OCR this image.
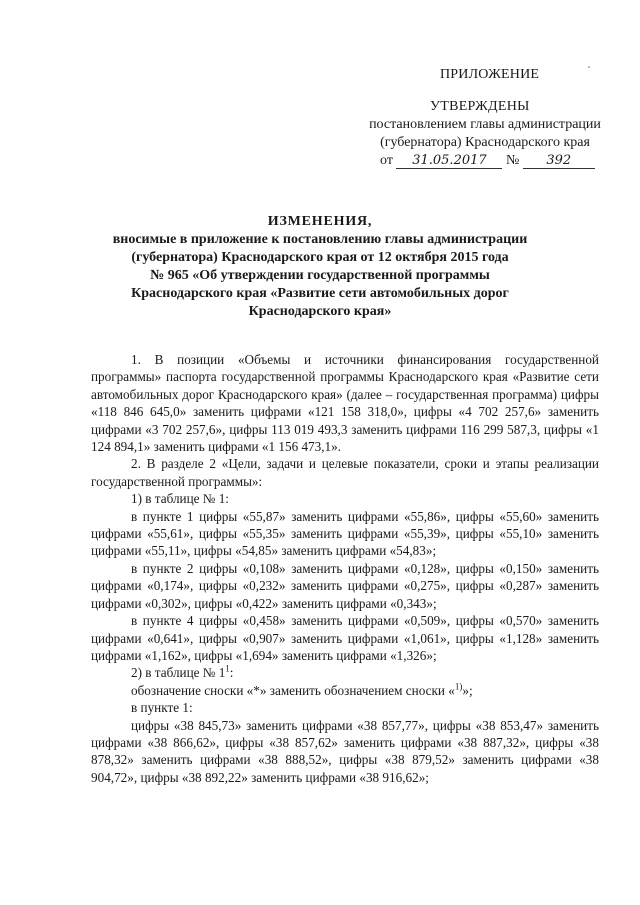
ПРИЛОЖЕНИЕ
УТВЕРЖДЕНЫ
постановлением главы администрации
(губернатора) Краснодарского края
от 31.05.2017 № 392
ИЗМЕНЕНИЯ,
вносимые в приложение к постановлению главы администрации
(губернатора) Краснодарского края от 12 октября 2015 года
№ 965 «Об утверждении государственной программы
Краснодарского края «Развитие сети автомобильных дорог
Краснодарского края»

1. В позиции «Объемы и источники финансирования государственной программы» паспорта государственной программы Краснодарского края «Развитие сети автомобильных дорог Краснодарского края» (далее – государственная программа) цифры «118 846 645,0» заменить цифрами «121 158 318,0», цифры «4 702 257,6» заменить цифрами «3 702 257,6», цифры 113 019 493,3 заменить цифрами 116 299 587,3, цифры «1 124 894,1» заменить цифрами «1 156 473,1».

2. В разделе 2 «Цели, задачи и целевые показатели, сроки и этапы реализации государственной программы»:

1) в таблице № 1:

в пункте 1 цифры «55,87» заменить цифрами «55,86», цифры «55,60» заменить цифрами «55,61», цифры «55,35» заменить цифрами «55,39», цифры «55,10» заменить цифрами «55,11», цифры «54,85» заменить цифрами «54,83»;

в пункте 2 цифры «0,108» заменить цифрами «0,128», цифры «0,150» заменить цифрами «0,174», цифры «0,232» заменить цифрами «0,275», цифры «0,287» заменить цифрами «0,302», цифры «0,422» заменить цифрами «0,343»;

в пункте 4 цифры «0,458» заменить цифрами «0,509», цифры «0,570» заменить цифрами «0,641», цифры «0,907» заменить цифрами «1,061», цифры «1,128» заменить цифрами «1,162», цифры «1,694» заменить цифрами «1,326»;

2) в таблице № $1^1$:

обозначение сноски «*» заменить обозначением сноски «$^{1)}$»;

в пункте 1:

цифры «38 845,73» заменить цифрами «38 857,77», цифры «38 853,47» заменить цифрами «38 866,62», цифры «38 857,62» заменить цифрами «38 887,32», цифры «38 878,32» заменить цифрами «38 888,52», цифры «38 879,52» заменить цифрами «38 904,72», цифры «38 892,22» заменить цифрами «38 916,62»;
